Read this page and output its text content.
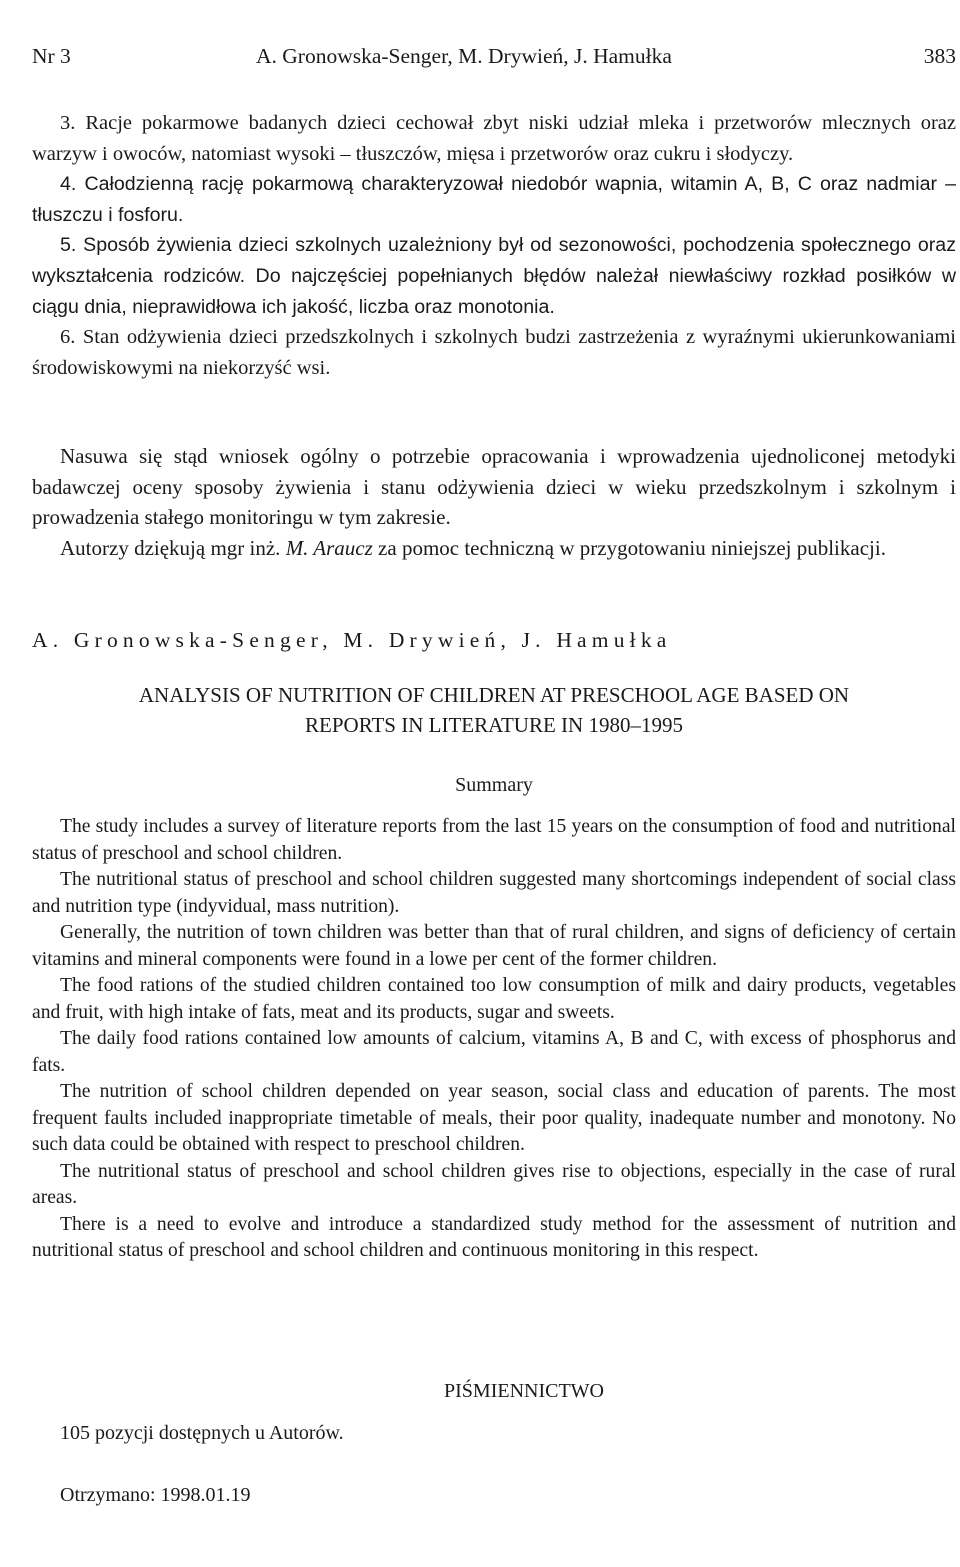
Nr 3	A. Gronowska-Senger, M. Drywień, J. Hamułka	383

3. Racje pokarmowe badanych dzieci cechował zbyt niski udział mleka i przetworów mlecznych oraz warzyw i owoców, natomiast wysoki – tłuszczów, mięsa i przetworów oraz cukru i słodyczy.

4. Całodzienną rację pokarmową charakteryzował niedobór wapnia, witamin A, B, C oraz nadmiar – tłuszczu i fosforu.

5. Sposób żywienia dzieci szkolnych uzależniony był od sezonowości, pochodzenia społecznego oraz wykształcenia rodziców. Do najczęściej popełnianych błędów należał niewłaściwy rozkład posiłków w ciągu dnia, nieprawidłowa ich jakość, liczba oraz monotonia.

6. Stan odżywienia dzieci przedszkolnych i szkolnych budzi zastrzeżenia z wyraźnymi ukierunkowaniami środowiskowymi na niekorzyść wsi.

Nasuwa się stąd wniosek ogólny o potrzebie opracowania i wprowadzenia ujednoliconej metodyki badawczej oceny sposoby żywienia i stanu odżywienia dzieci w wieku przedszkolnym i szkolnym i prowadzenia stałego monitoringu w tym zakresie.

Autorzy dziękują mgr inż. M. Araucz za pomoc techniczną w przygotowaniu niniejszej publikacji.

A. Gronowska-Senger, M. Drywień, J. Hamułka
ANALYSIS OF NUTRITION OF CHILDREN AT PRESCHOOL AGE BASED ON
REPORTS IN LITERATURE IN 1980–1995
Summary

The study includes a survey of literature reports from the last 15 years on the consumption of food and nutritional status of preschool and school children.

The nutritional status of preschool and school children suggested many shortcomings independent of social class and nutrition type (indyvidual, mass nutrition).

Generally, the nutrition of town children was better than that of rural children, and signs of deficiency of certain vitamins and mineral components were found in a lowe per cent of the former children.

The food rations of the studied children contained too low consumption of milk and dairy products, vegetables and fruit, with high intake of fats, meat and its products, sugar and sweets.

The daily food rations contained low amounts of calcium, vitamins A, B and C, with excess of phosphorus and fats.

The nutrition of school children depended on year season, social class and education of parents. The most frequent faults included inappropriate timetable of meals, their poor quality, inadequate number and monotony. No such data could be obtained with respect to preschool children.

The nutritional status of preschool and school children gives rise to objections, especially in the case of rural areas.

There is a need to evolve and introduce a standardized study method for the assessment of nutrition and nutritional status of preschool and school children and continuous monitoring in this respect.

PIŚMIENNICTWO
105 pozycji dostępnych u Autorów.
Otrzymano: 1998.01.19
